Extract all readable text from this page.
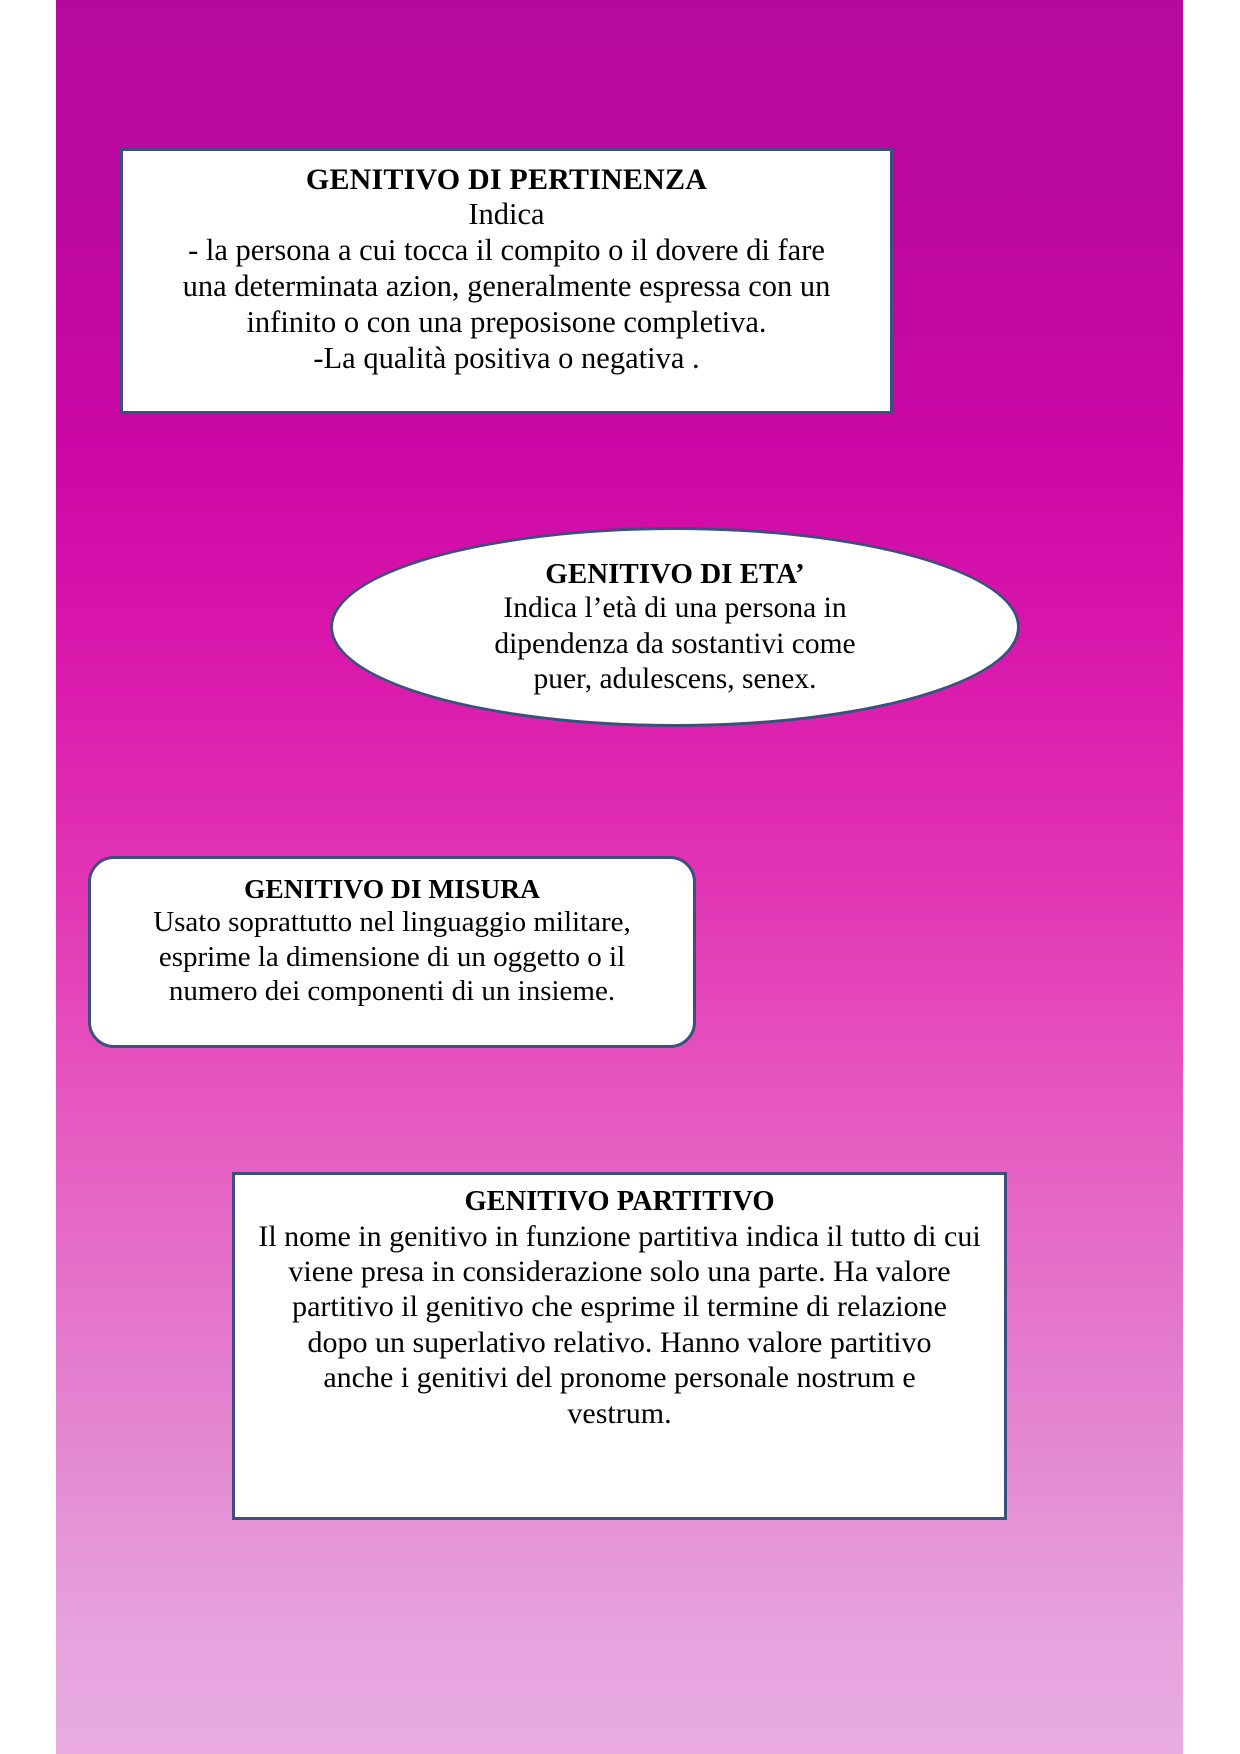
GENITIVO DI PERTINENZA
Indica
- la persona a cui tocca il compito o il dovere di fare
una determinata azion, generalmente espressa con un
infinito o con una preposisone completiva.
-La qualità positiva o negativa .
GENITIVO DI ETA’
Indica l’età di una persona in
dipendenza da sostantivi come
puer, adulescens, senex.
GENITIVO DI MISURA
Usato soprattutto nel linguaggio militare,
esprime la dimensione di un oggetto o il
numero dei componenti di un insieme.
GENITIVO PARTITIVO
Il nome in genitivo in funzione partitiva indica il tutto di cui
viene presa in considerazione solo una parte. Ha valore
partitivo il genitivo che esprime il termine di relazione
dopo un superlativo relativo. Hanno valore partitivo
anche i genitivi del pronome personale nostrum e
vestrum.
